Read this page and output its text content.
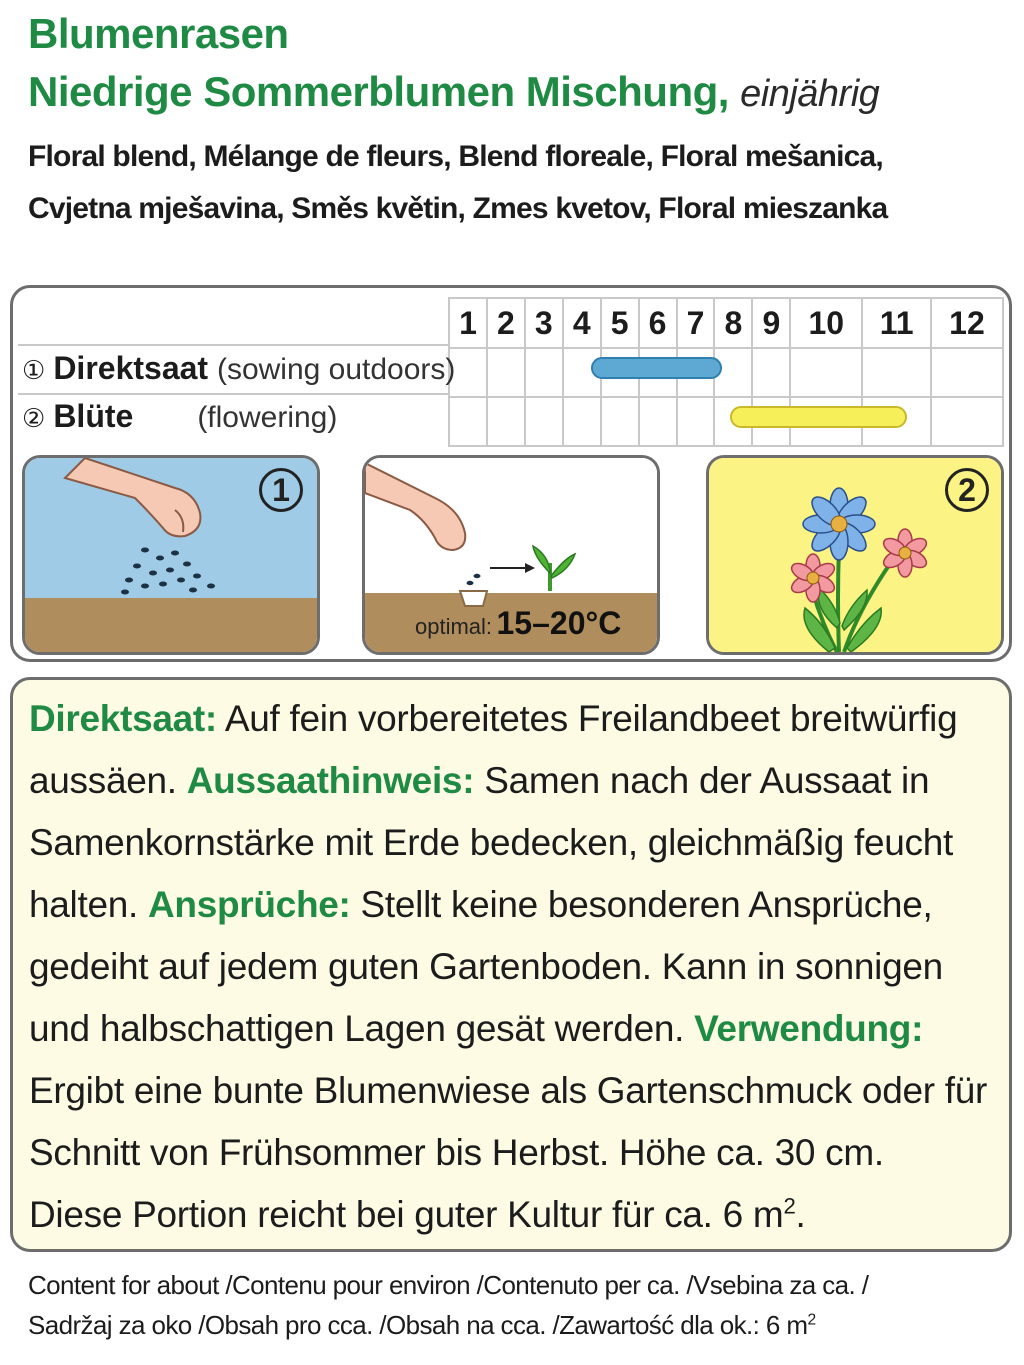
Blumenrasen
Niedrige Sommerblumen Mischung, einjährig
Floral blend, Mélange de fleurs, Blend floreale, Floral mešanica,
Cvjetna mješavina, Směs květin, Zmes kvetov, Floral mieszanka
1	2	3	4	5	6	7	8	9	10	11	12

① Direktsaat (sowing outdoors)
② Blüte (flowering)
1
optimal: 15–20°C
2

Direktsaat: Auf fein vorbereitetes Freilandbeet breitwürfig aussäen. Aussaathinweis: Samen nach der Aussaat in Samenkornstärke mit Erde bedecken, gleichmäßig feucht halten. Ansprüche: Stellt keine besonderen Ansprüche, gedeiht auf jedem guten Gartenboden. Kann in sonnigen und halbschattigen Lagen gesät werden. Verwendung: Ergibt eine bunte Blumenwiese als Gartenschmuck oder für Schnitt von Frühsommer bis Herbst. Höhe ca. 30 cm.

Diese Portion reicht bei guter Kultur für ca. 6 $m^2$.

Content for about /Contenu pour environ /Contenuto per ca. /Vsebina za ca. /
Sadržaj za oko /Obsah pro cca. /Obsah na cca. /Zawartość dla ok.: 6 $m^2$
